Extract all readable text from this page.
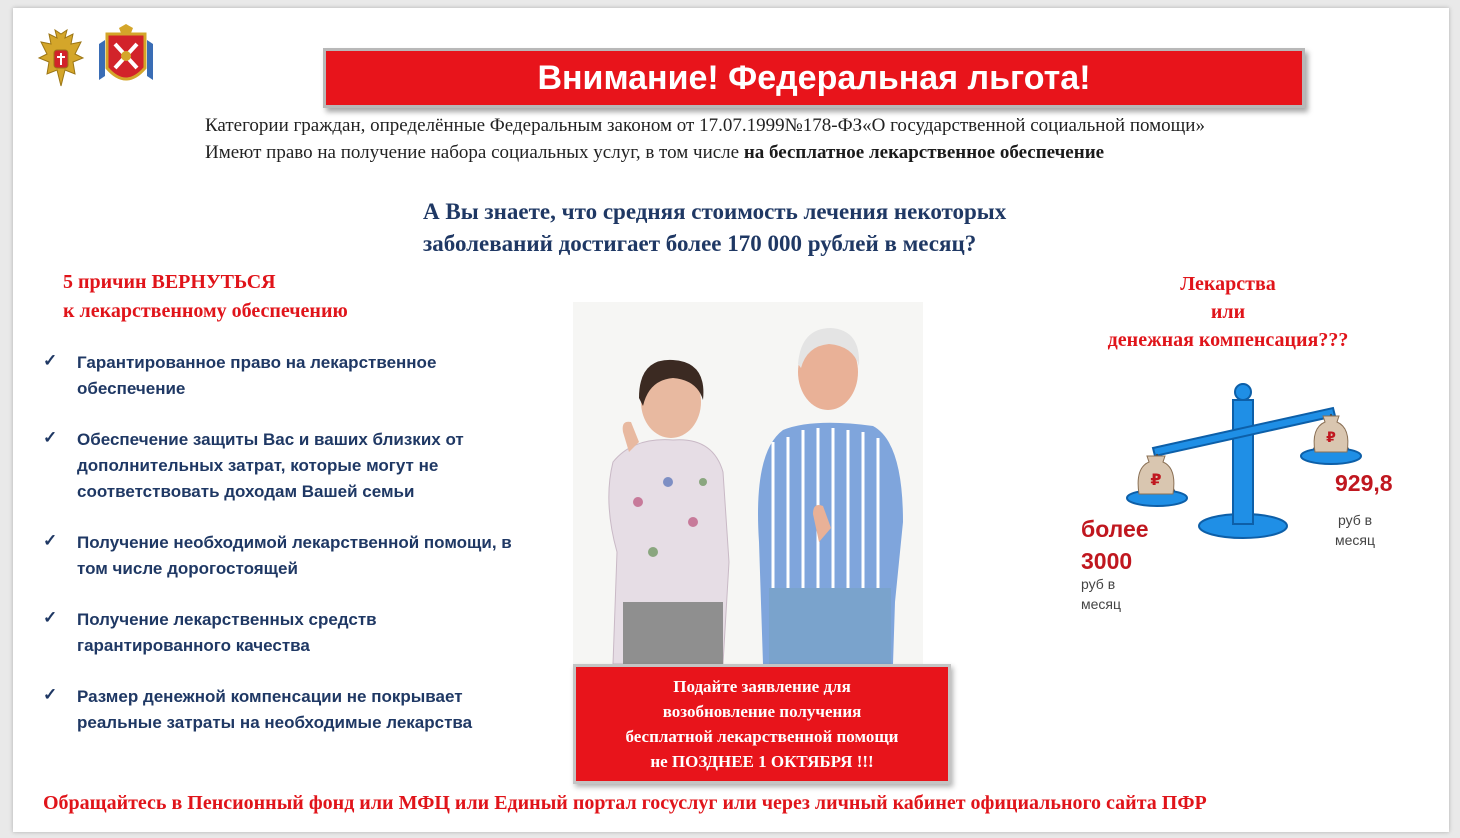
Внимание! Федеральная льгота!
Категории граждан, определённые Федеральным законом от 17.07.1999№178-ФЗ«О государственной социальной помощи»
Имеют право на получение набора социальных услуг, в том числе на бесплатное лекарственное обеспечение
А Вы знаете, что средняя стоимость лечения некоторых
заболеваний достигает более 170 000 рублей в месяц?
5 причин ВЕРНУТЬСЯ
к лекарственному обеспечению
✓ Гарантированное право на лекарственное обеспечение
✓ Обеспечение защиты Вас и ваших близких от дополнительных затрат, которые могут не соответствовать доходам Вашей семьи
✓ Получение необходимой лекарственной помощи, в том числе дорогостоящей
✓ Получение лекарственных средств гарантированного качества
✓ Размер денежной компенсации не покрывает реальные затраты на необходимые лекарства
Лекарства
или
денежная компенсация???
₽
₽
более
3000
руб в
месяц
929,8
руб в
месяц
Подайте заявление для
возобновление получения
бесплатной лекарственной помощи
не ПОЗДНЕЕ 1 ОКТЯБРЯ !!!
Обращайтесь в Пенсионный фонд или МФЦ или Единый портал госуслуг или через личный кабинет официального сайта ПФР
